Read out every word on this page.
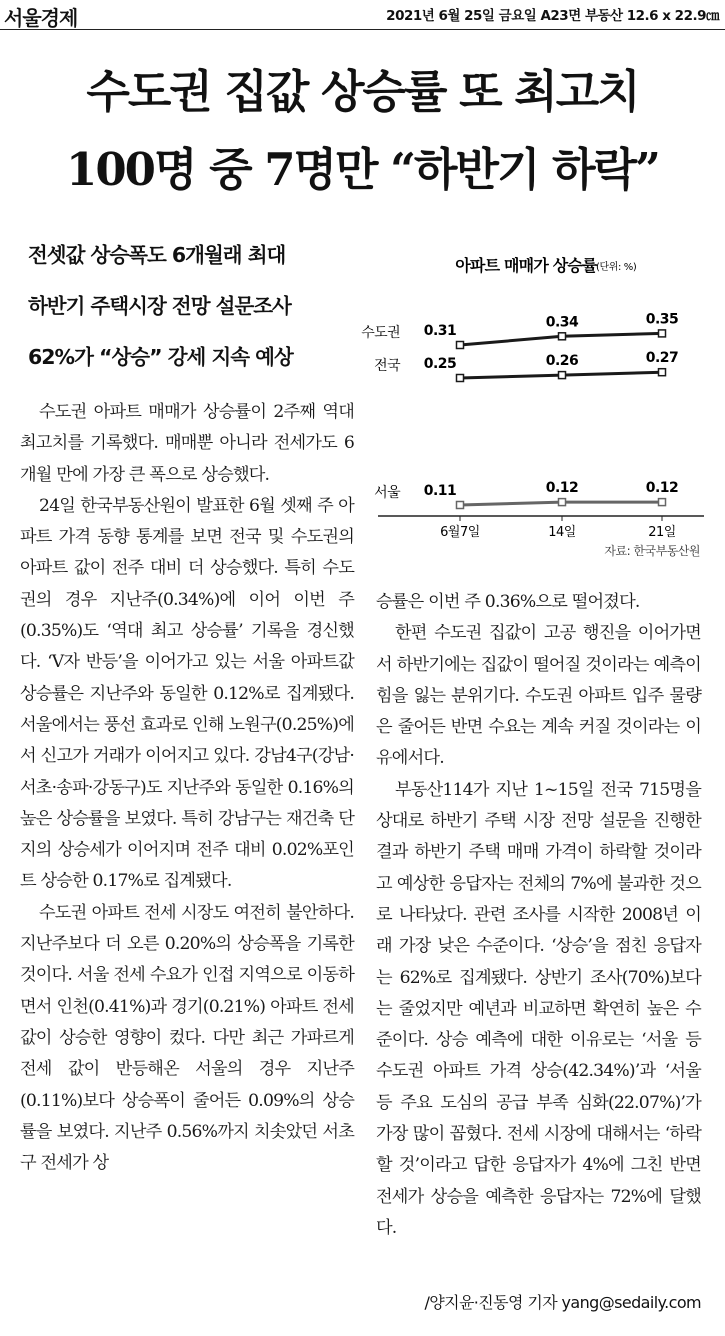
서울경제	2021년 6월 25일 금요일 A23면 부동산 12.6 x 22.9㎝
수도권 집값 상승률 또 최고치
100명 중 7명만 “하반기 하락”
전셋값 상승폭도 6개월래 최대
하반기 주택시장 전망 설문조사
62%가 “상승” 강세 지속 예상

수도권 아파트 매매가 상승률이 2주째 역대 최고치를 기록했다. 매매뿐 아니라 전세가도 6개월 만에 가장 큰 폭으로 상승했다.

24일 한국부동산원이 발표한 6월 셋째 주 아파트 가격 동향 통계를 보면 전국 및 수도권의 아파트 값이 전주 대비 더 상승했다. 특히 수도권의 경우 지난주(0.34%)에 이어 이번 주(0.35%)도 ‘역대 최고 상승률’ 기록을 경신했다. ‘V자 반등’을 이어가고 있는 서울 아파트값 상승률은 지난주와 동일한 0.12%로 집계됐다. 서울에서는 풍선 효과로 인해 노원구(0.25%)에서 신고가 거래가 이어지고 있다. 강남4구(강남·서초·송파·강동구)도 지난주와 동일한 0.16%의 높은 상승률을 보였다. 특히 강남구는 재건축 단지의 상승세가 이어지며 전주 대비 0.02%포인트 상승한 0.17%로 집계됐다.

수도권 아파트 전세 시장도 여전히 불안하다. 지난주보다 더 오른 0.20%의 상승폭을 기록한 것이다. 서울 전세 수요가 인접 지역으로 이동하면서 인천(0.41%)과 경기(0.21%) 아파트 전세 값이 상승한 영향이 컸다. 다만 최근 가파르게 전세 값이 반등해온 서울의 경우 지난주(0.11%)보다 상승폭이 줄어든 0.09%의 상승률을 보였다. 지난주 0.56%까지 치솟았던 서초구 전세가 상

아파트 매매가 상승률 (단위: %)
6월7일	14일	21일
0.31
0.34	0.35
수도권
0.25	0.26	0.27
전국
0.11	0.12	0.12
서울
자료: 한국부동산원

승률은 이번 주 0.36%으로 떨어졌다.

한편 수도권 집값이 고공 행진을 이어가면서 하반기에는 집값이 떨어질 것이라는 예측이 힘을 잃는 분위기다. 수도권 아파트 입주 물량은 줄어든 반면 수요는 계속 커질 것이라는 이유에서다.

부동산114가 지난 1~15일 전국 715명을 상대로 하반기 주택 시장 전망 설문을 진행한 결과 하반기 주택 매매 가격이 하락할 것이라고 예상한 응답자는 전체의 7%에 불과한 것으로 나타났다. 관련 조사를 시작한 2008년 이래 가장 낮은 수준이다. ‘상승’을 점친 응답자는 62%로 집계됐다. 상반기 조사(70%)보다는 줄었지만 예년과 비교하면 확연히 높은 수준이다. 상승 예측에 대한 이유로는 ‘서울 등 수도권 아파트 가격 상승(42.34%)’과 ‘서울 등 주요 도심의 공급 부족 심화(22.07%)’가 가장 많이 꼽혔다. 전세 시장에 대해서는 ‘하락할 것’이라고 답한 응답자가 4%에 그친 반면 전세가 상승을 예측한 응답자는 72%에 달했다.

/양지윤·진동영 기자 yang@sedaily.com
